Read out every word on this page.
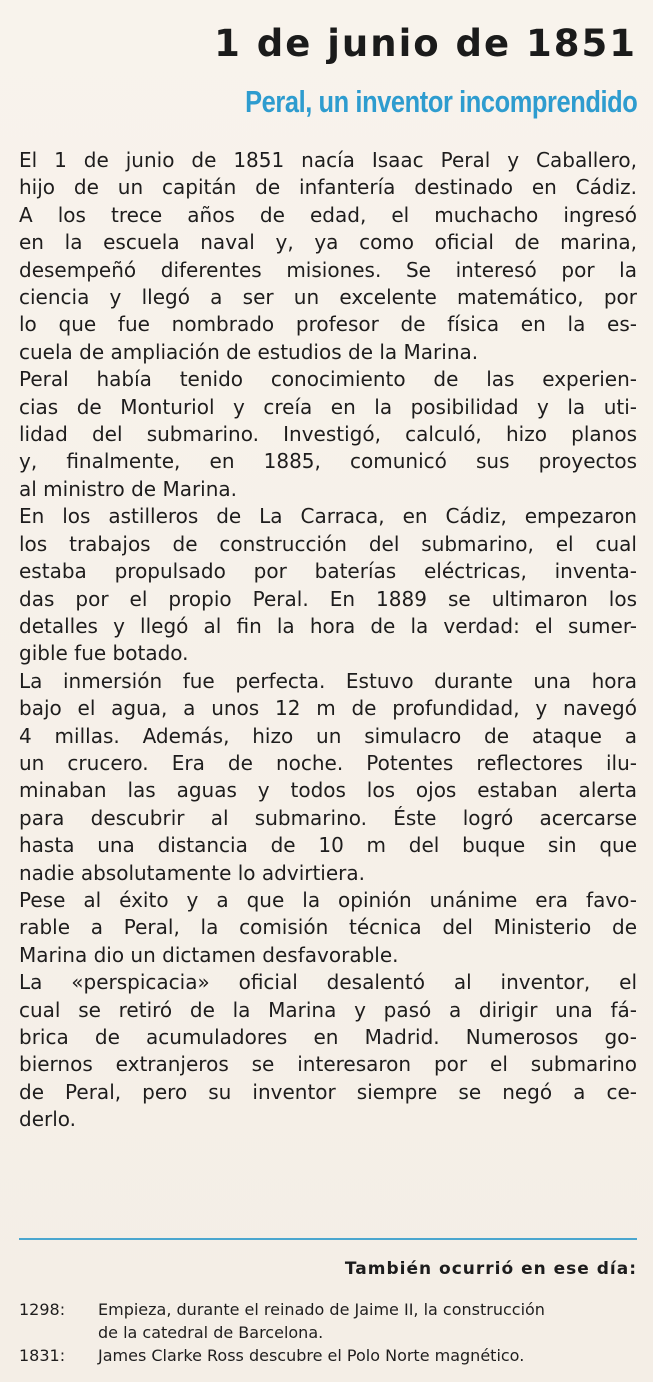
1 de junio de 1851
Peral, un inventor incomprendido
El 1 de junio de 1851 nacía Isaac Peral y Caballero,
hijo de un capitán de infantería destinado en Cádiz.
A los trece años de edad, el muchacho ingresó
en la escuela naval y, ya como oficial de marina,
desempeñó diferentes misiones. Se interesó por la
ciencia y llegó a ser un excelente matemático, por
lo que fue nombrado profesor de física en la es-
cuela de ampliación de estudios de la Marina.
Peral había tenido conocimiento de las experien-
cias de Monturiol y creía en la posibilidad y la uti-
lidad del submarino. Investigó, calculó, hizo planos
y, finalmente, en 1885, comunicó sus proyectos
al ministro de Marina.
En los astilleros de La Carraca, en Cádiz, empezaron
los trabajos de construcción del submarino, el cual
estaba propulsado por baterías eléctricas, inventa-
das por el propio Peral. En 1889 se ultimaron los
detalles y llegó al fin la hora de la verdad: el sumer-
gible fue botado.
La inmersión fue perfecta. Estuvo durante una hora
bajo el agua, a unos 12 m de profundidad, y navegó
4 millas. Además, hizo un simulacro de ataque a
un crucero. Era de noche. Potentes reflectores ilu-
minaban las aguas y todos los ojos estaban alerta
para descubrir al submarino. Éste logró acercarse
hasta una distancia de 10 m del buque sin que
nadie absolutamente lo advirtiera.
Pese al éxito y a que la opinión unánime era favo-
rable a Peral, la comisión técnica del Ministerio de
Marina dio un dictamen desfavorable.
La «perspicacia» oficial desalentó al inventor, el
cual se retiró de la Marina y pasó a dirigir una fá-
brica de acumuladores en Madrid. Numerosos go-
biernos extranjeros se interesaron por el submarino
de Peral, pero su inventor siempre se negó a ce-
derlo.
También ocurrió en ese día:
1298:	Empieza, durante el reinado de Jaime II, la construcción
de la catedral de Barcelona.
1831:	James Clarke Ross descubre el Polo Norte magnético.
